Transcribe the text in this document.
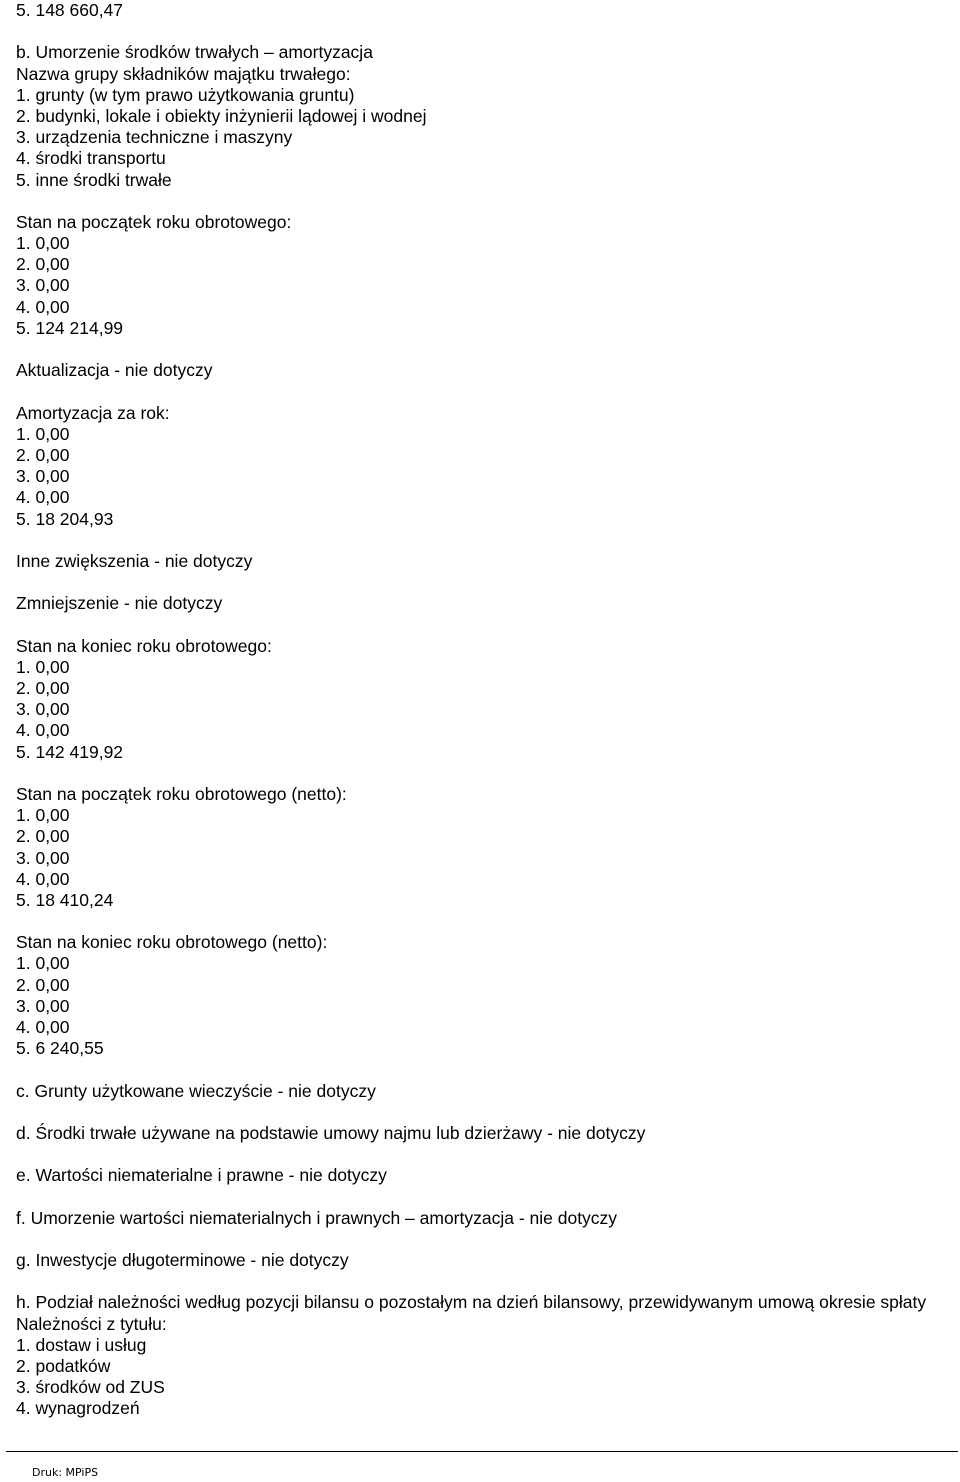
5. 148 660,47
b. Umorzenie środków trwałych – amortyzacja
Nazwa grupy składników majątku trwałego:
1. grunty (w tym prawo użytkowania gruntu)
2. budynki, lokale i obiekty inżynierii lądowej i wodnej
3. urządzenia techniczne i maszyny
4. środki transportu
5. inne środki trwałe
Stan na początek roku obrotowego:
1. 0,00
2. 0,00
3. 0,00
4. 0,00
5. 124 214,99
Aktualizacja - nie dotyczy
Amortyzacja za rok:
1. 0,00
2. 0,00
3. 0,00
4. 0,00
5. 18 204,93
Inne zwiększenia - nie dotyczy
Zmniejszenie - nie dotyczy
Stan na koniec roku obrotowego:
1. 0,00
2. 0,00
3. 0,00
4. 0,00
5. 142 419,92
Stan na początek roku obrotowego (netto):
1. 0,00
2. 0,00
3. 0,00
4. 0,00
5. 18 410,24
Stan na koniec roku obrotowego (netto):
1. 0,00
2. 0,00
3. 0,00
4. 0,00
5. 6 240,55
c. Grunty użytkowane wieczyście - nie dotyczy
d. Środki trwałe używane na podstawie umowy najmu lub dzierżawy - nie dotyczy
e. Wartości niematerialne i prawne - nie dotyczy
f. Umorzenie wartości niematerialnych i prawnych – amortyzacja - nie dotyczy
g. Inwestycje długoterminowe - nie dotyczy
h. Podział należności według pozycji bilansu o pozostałym na dzień bilansowy, przewidywanym umową okresie spłaty
Należności z tytułu:
1. dostaw i usług
2. podatków
3. środków od ZUS
4. wynagrodzeń
Druk: MPiPS
